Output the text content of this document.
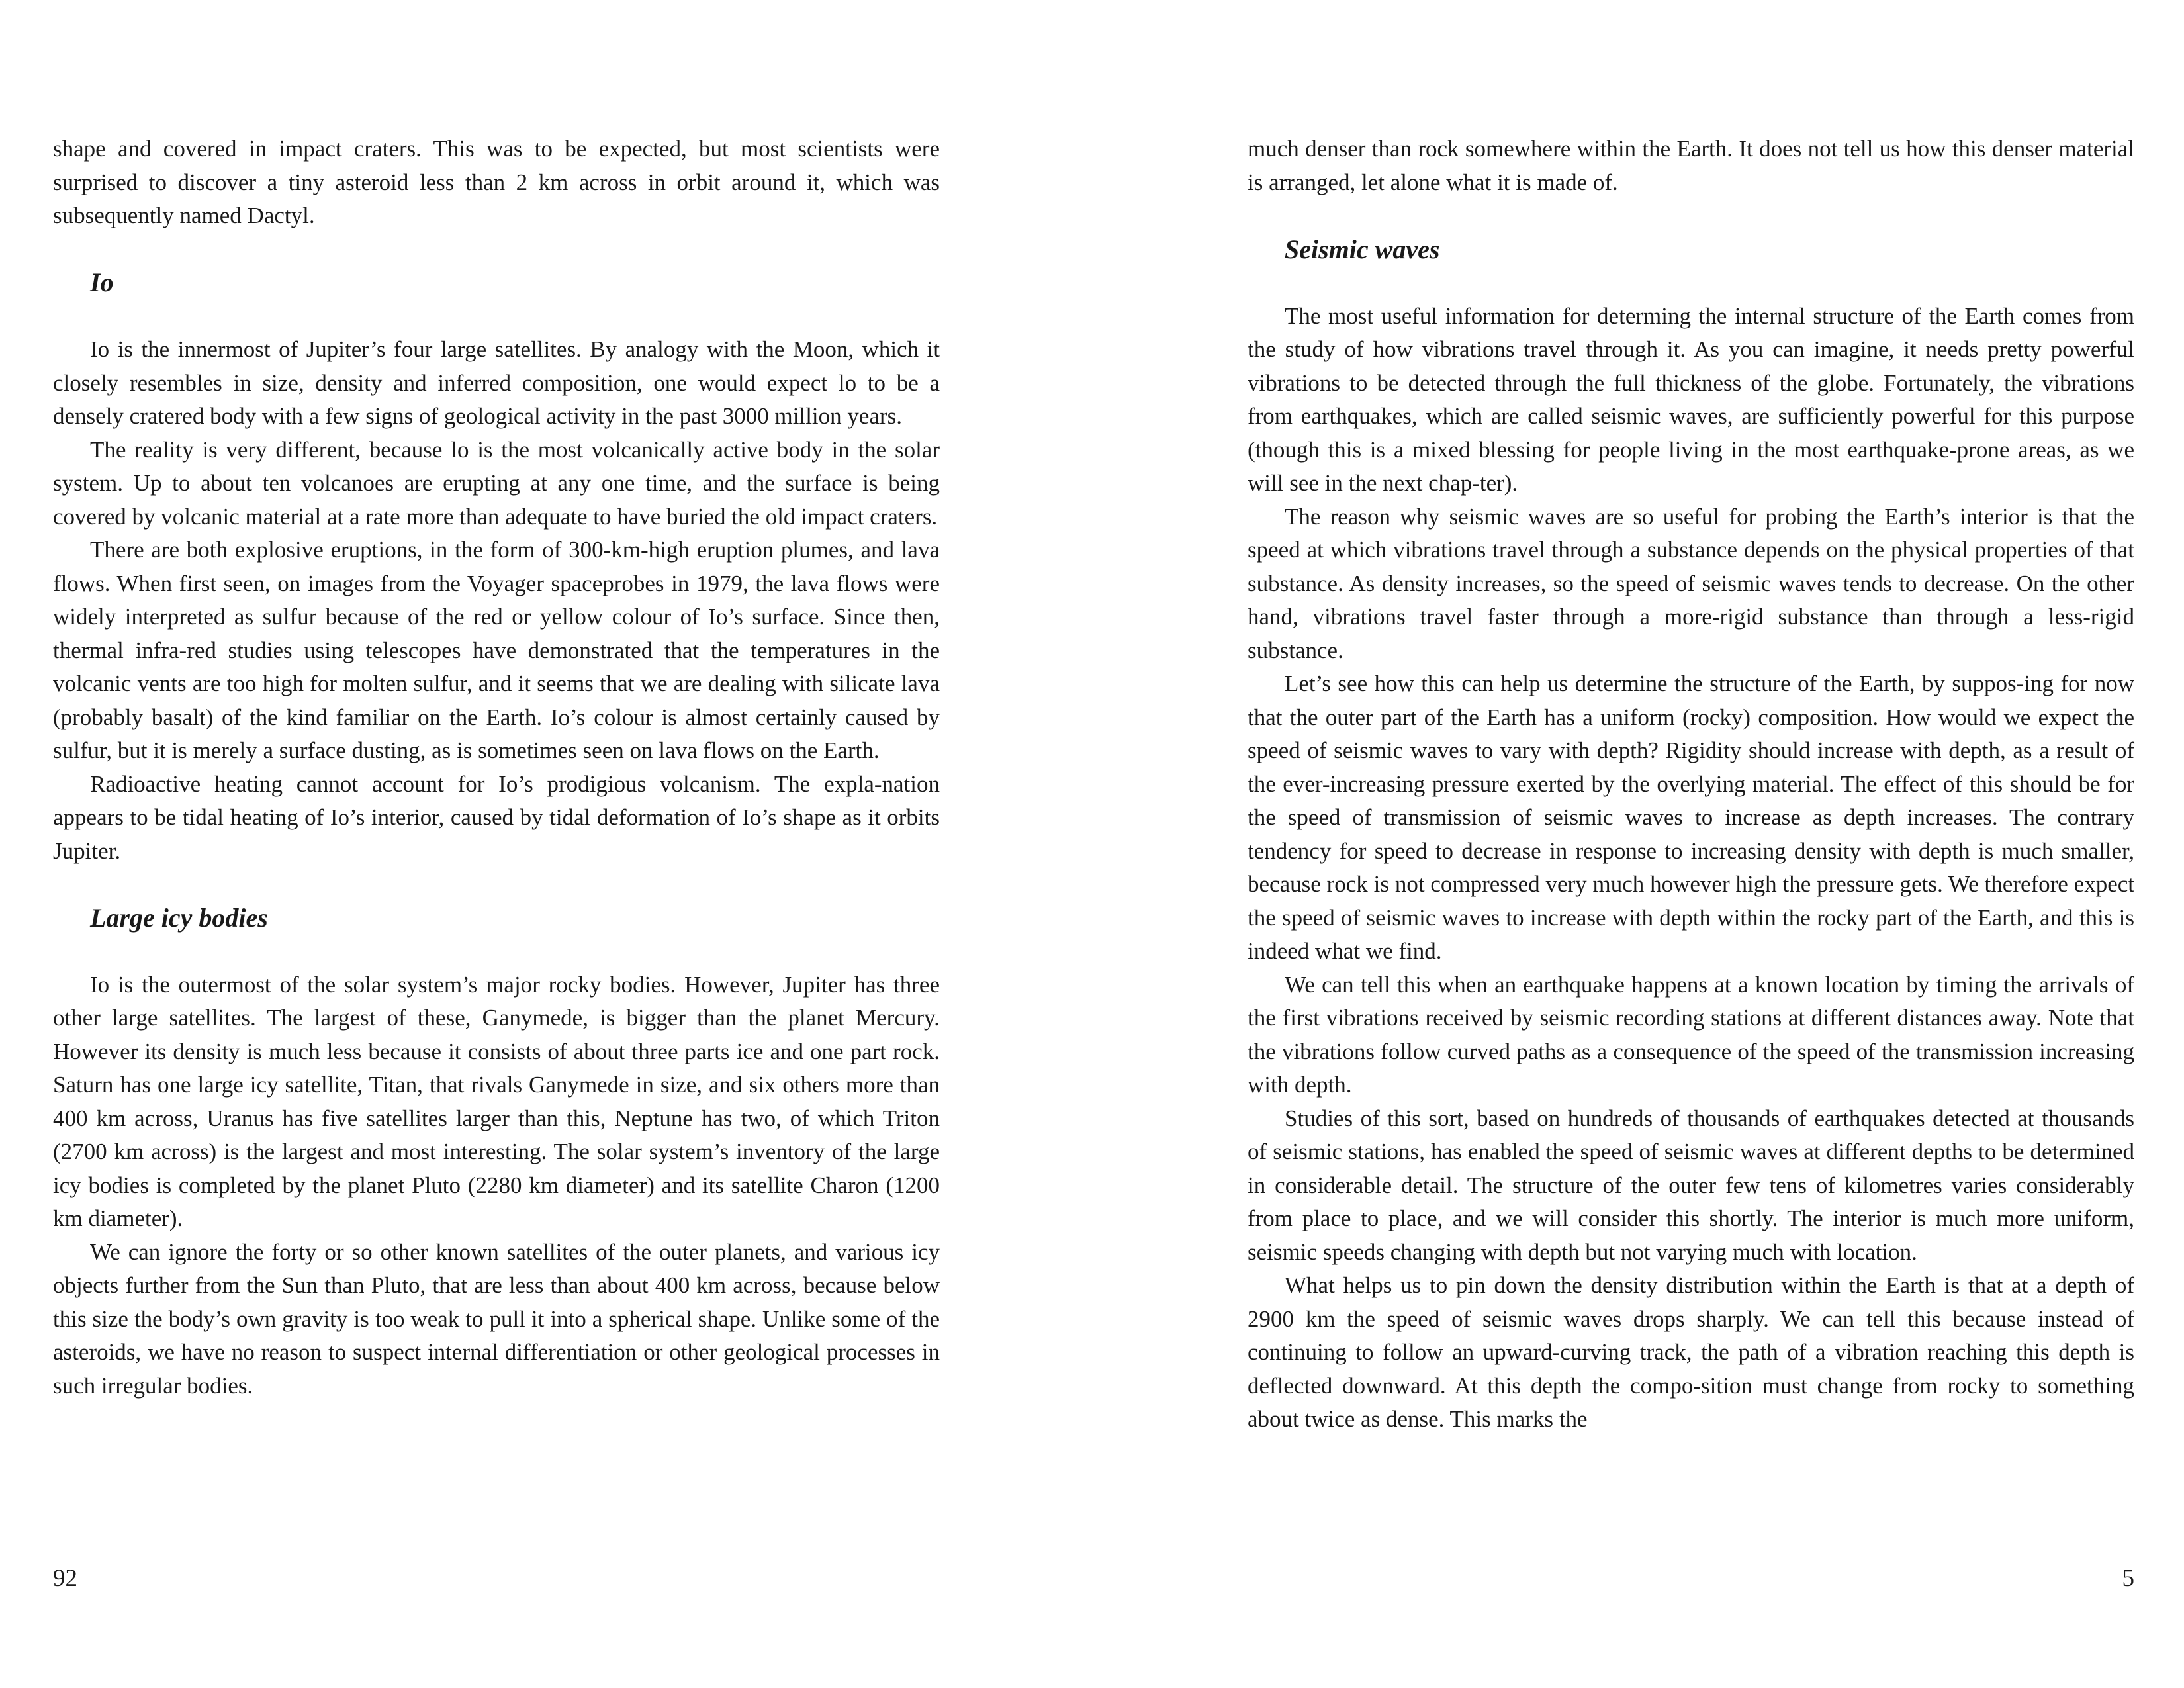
shape and covered in impact craters. This was to be expected, but most scientists were surprised to discover a tiny asteroid less than 2 km across in orbit around it, which was subsequently named Dactyl.

Io

Io is the innermost of Jupiter’s four large satellites. By analogy with the Moon, which it closely resembles in size, density and inferred composition, one would expect lo to be a densely cratered body with a few signs of geological activity in the past 3000 million years.

The reality is very different, because lo is the most volcanically active body in the solar system. Up to about ten volcanoes are erupting at any one time, and the surface is being covered by volcanic material at a rate more than adequate to have buried the old impact craters.

There are both explosive eruptions, in the form of 300-km-high eruption plumes, and lava flows. When first seen, on images from the Voyager spaceprobes in 1979, the lava flows were widely interpreted as sulfur because of the red or yellow colour of Io’s surface. Since then, thermal infra-red studies using telescopes have demonstrated that the temperatures in the volcanic vents are too high for molten sulfur, and it seems that we are dealing with silicate lava (probably basalt) of the kind familiar on the Earth. Io’s colour is almost certainly caused by sulfur, but it is merely a surface dusting, as is sometimes seen on lava flows on the Earth.

Radioactive heating cannot account for Io’s prodigious volcanism. The expla-nation appears to be tidal heating of Io’s interior, caused by tidal deformation of Io’s shape as it orbits Jupiter.

Large icy bodies

Io is the outermost of the solar system’s major rocky bodies. However, Jupiter has three other large satellites. The largest of these, Ganymede, is bigger than the planet Mercury. However its density is much less because it consists of about three parts ice and one part rock. Saturn has one large icy satellite, Titan, that rivals Ganymede in size, and six others more than 400 km across, Uranus has five satellites larger than this, Neptune has two, of which Triton (2700 km across) is the largest and most interesting. The solar system’s inventory of the large icy bodies is completed by the planet Pluto (2280 km diameter) and its satellite Charon (1200 km diameter).

We can ignore the forty or so other known satellites of the outer planets, and various icy objects further from the Sun than Pluto, that are less than about 400 km across, because below this size the body’s own gravity is too weak to pull it into a spherical shape. Unlike some of the asteroids, we have no reason to suspect internal differentiation or other geological processes in such irregular bodies.

much denser than rock somewhere within the Earth. It does not tell us how this denser material is arranged, let alone what it is made of.

Seismic waves

The most useful information for determing the internal structure of the Earth comes from the study of how vibrations travel through it. As you can imagine, it needs pretty powerful vibrations to be detected through the full thickness of the globe. Fortunately, the vibrations from earthquakes, which are called seismic waves, are sufficiently powerful for this purpose (though this is a mixed blessing for people living in the most earthquake-prone areas, as we will see in the next chap-ter).

The reason why seismic waves are so useful for probing the Earth’s interior is that the speed at which vibrations travel through a substance depends on the physical properties of that substance. As density increases, so the speed of seismic waves tends to decrease. On the other hand, vibrations travel faster through a more-rigid substance than through a less-rigid substance.

Let’s see how this can help us determine the structure of the Earth, by suppos-ing for now that the outer part of the Earth has a uniform (rocky) composition. How would we expect the speed of seismic waves to vary with depth? Rigidity should increase with depth, as a result of the ever-increasing pressure exerted by the overlying material. The effect of this should be for the speed of transmission of seismic waves to increase as depth increases. The contrary tendency for speed to decrease in response to increasing density with depth is much smaller, because rock is not compressed very much however high the pressure gets. We therefore expect the speed of seismic waves to increase with depth within the rocky part of the Earth, and this is indeed what we find.

We can tell this when an earthquake happens at a known location by timing the arrivals of the first vibrations received by seismic recording stations at different distances away. Note that the vibrations follow curved paths as a consequence of the speed of the transmission increasing with depth.

Studies of this sort, based on hundreds of thousands of earthquakes detected at thousands of seismic stations, has enabled the speed of seismic waves at different depths to be determined in considerable detail. The structure of the outer few tens of kilometres varies considerably from place to place, and we will consider this shortly. The interior is much more uniform, seismic speeds changing with depth but not varying much with location.

What helps us to pin down the density distribution within the Earth is that at a depth of 2900 km the speed of seismic waves drops sharply. We can tell this because instead of continuing to follow an upward-curving track, the path of a vibration reaching this depth is deflected downward. At this depth the compo-sition must change from rocky to something about twice as dense. This marks the

92	5
